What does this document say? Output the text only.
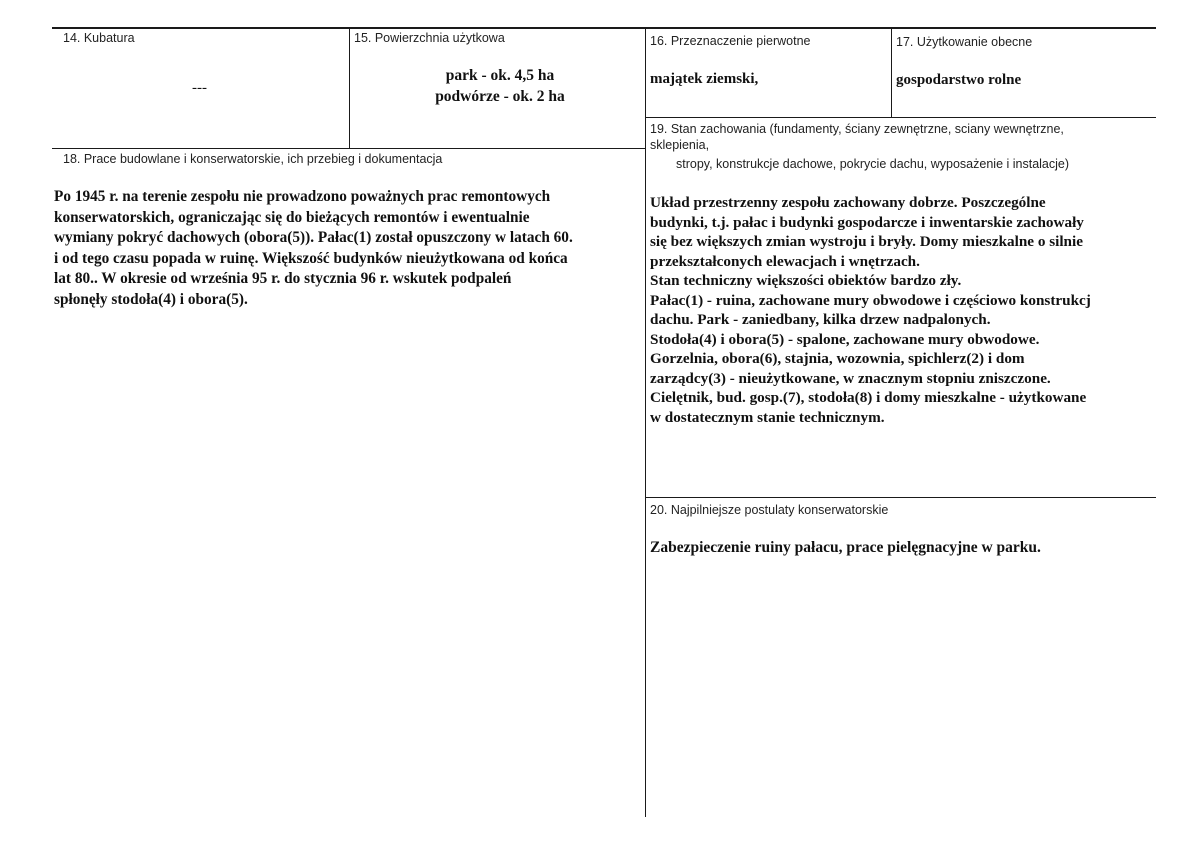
14. Kubatura
---
15. Powierzchnia użytkowa
park - ok. 4,5 ha
podwórze - ok. 2 ha
16. Przeznaczenie pierwotne
majątek ziemski,
17. Użytkowanie obecne
gospodarstwo rolne
18. Prace budowlane i konserwatorskie, ich przebieg i dokumentacja
Po 1945 r. na terenie zespołu nie prowadzono poważnych prac remontowych
konserwatorskich, ograniczając się do bieżących remontów i ewentualnie
wymiany pokryć dachowych (obora(5)). Pałac(1) został opuszczony w latach 60.
i od tego czasu popada w ruinę. Większość budynków nieużytkowana od końca
lat 80.. W okresie od września 95 r. do stycznia 96 r. wskutek podpaleń
spłonęły stodoła(4) i obora(5).
19. Stan zachowania (fundamenty, ściany zewnętrzne, sciany wewnętrzne,
sklepienia,
stropy, konstrukcje dachowe, pokrycie dachu, wyposażenie i instalacje)
Układ przestrzenny zespołu zachowany dobrze. Poszczególne
budynki, t.j. pałac i budynki gospodarcze i inwentarskie zachowały
się bez większych zmian wystroju i bryły. Domy mieszkalne o silnie
przekształconych elewacjach i wnętrzach.
Stan techniczny większości obiektów bardzo zły.
Pałac(1) - ruina, zachowane mury obwodowe i częściowo konstrukcj
dachu. Park - zaniedbany, kilka drzew nadpalonych.
Stodoła(4) i obora(5) - spalone, zachowane mury obwodowe.
Gorzelnia, obora(6), stajnia, wozownia, spichlerz(2) i dom
zarządcy(3) - nieużytkowane, w znacznym stopniu zniszczone.
Cielętnik, bud. gosp.(7), stodoła(8) i domy mieszkalne - użytkowane
w dostatecznym stanie technicznym.
20. Najpilniejsze postulaty konserwatorskie
Zabezpieczenie ruiny pałacu, prace pielęgnacyjne w parku.
